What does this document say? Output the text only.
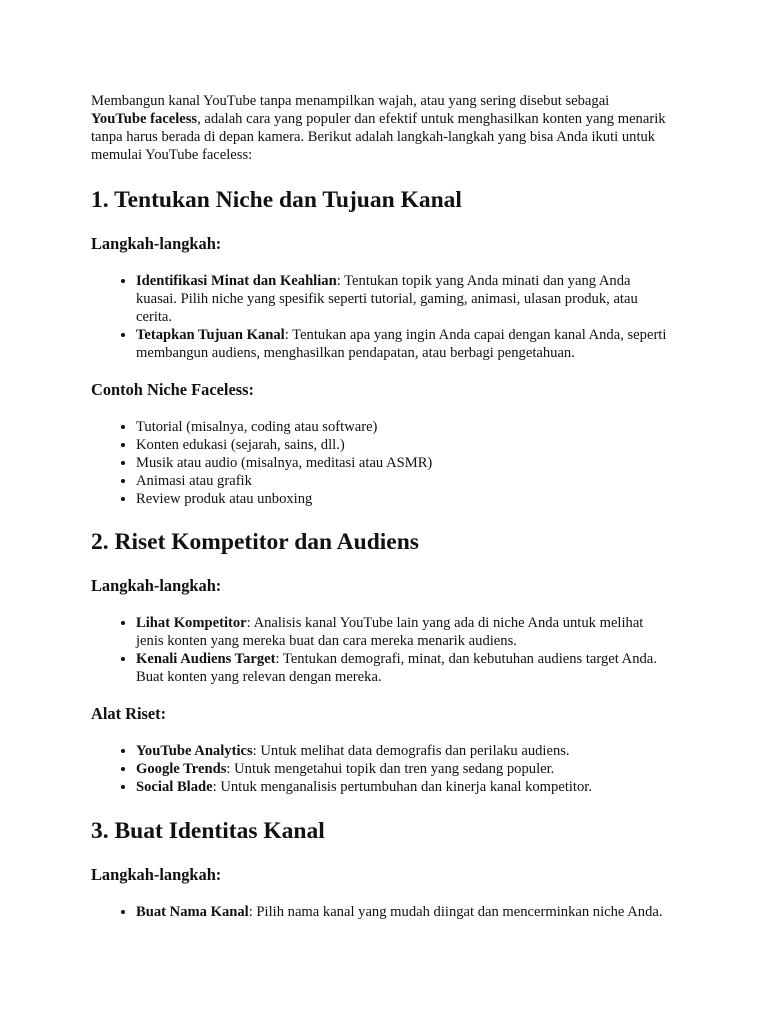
Membangun kanal YouTube tanpa menampilkan wajah, atau yang sering disebut sebagai YouTube faceless, adalah cara yang populer dan efektif untuk menghasilkan konten yang menarik tanpa harus berada di depan kamera. Berikut adalah langkah-langkah yang bisa Anda ikuti untuk memulai YouTube faceless:

1. Tentukan Niche dan Tujuan Kanal
Langkah-langkah:
• Identifikasi Minat dan Keahlian: Tentukan topik yang Anda minati dan yang Anda kuasai. Pilih niche yang spesifik seperti tutorial, gaming, animasi, ulasan produk, atau cerita.
• Tetapkan Tujuan Kanal: Tentukan apa yang ingin Anda capai dengan kanal Anda, seperti membangun audiens, menghasilkan pendapatan, atau berbagi pengetahuan.
Contoh Niche Faceless:
• Tutorial (misalnya, coding atau software)
• Konten edukasi (sejarah, sains, dll.)
• Musik atau audio (misalnya, meditasi atau ASMR)
• Animasi atau grafik
• Review produk atau unboxing
2. Riset Kompetitor dan Audiens
Langkah-langkah:
• Lihat Kompetitor: Analisis kanal YouTube lain yang ada di niche Anda untuk melihat jenis konten yang mereka buat dan cara mereka menarik audiens.
• Kenali Audiens Target: Tentukan demografi, minat, dan kebutuhan audiens target Anda. Buat konten yang relevan dengan mereka.
Alat Riset:
• YouTube Analytics: Untuk melihat data demografis dan perilaku audiens.
• Google Trends: Untuk mengetahui topik dan tren yang sedang populer.
• Social Blade: Untuk menganalisis pertumbuhan dan kinerja kanal kompetitor.
3. Buat Identitas Kanal
Langkah-langkah:
• Buat Nama Kanal: Pilih nama kanal yang mudah diingat dan mencerminkan niche Anda.
